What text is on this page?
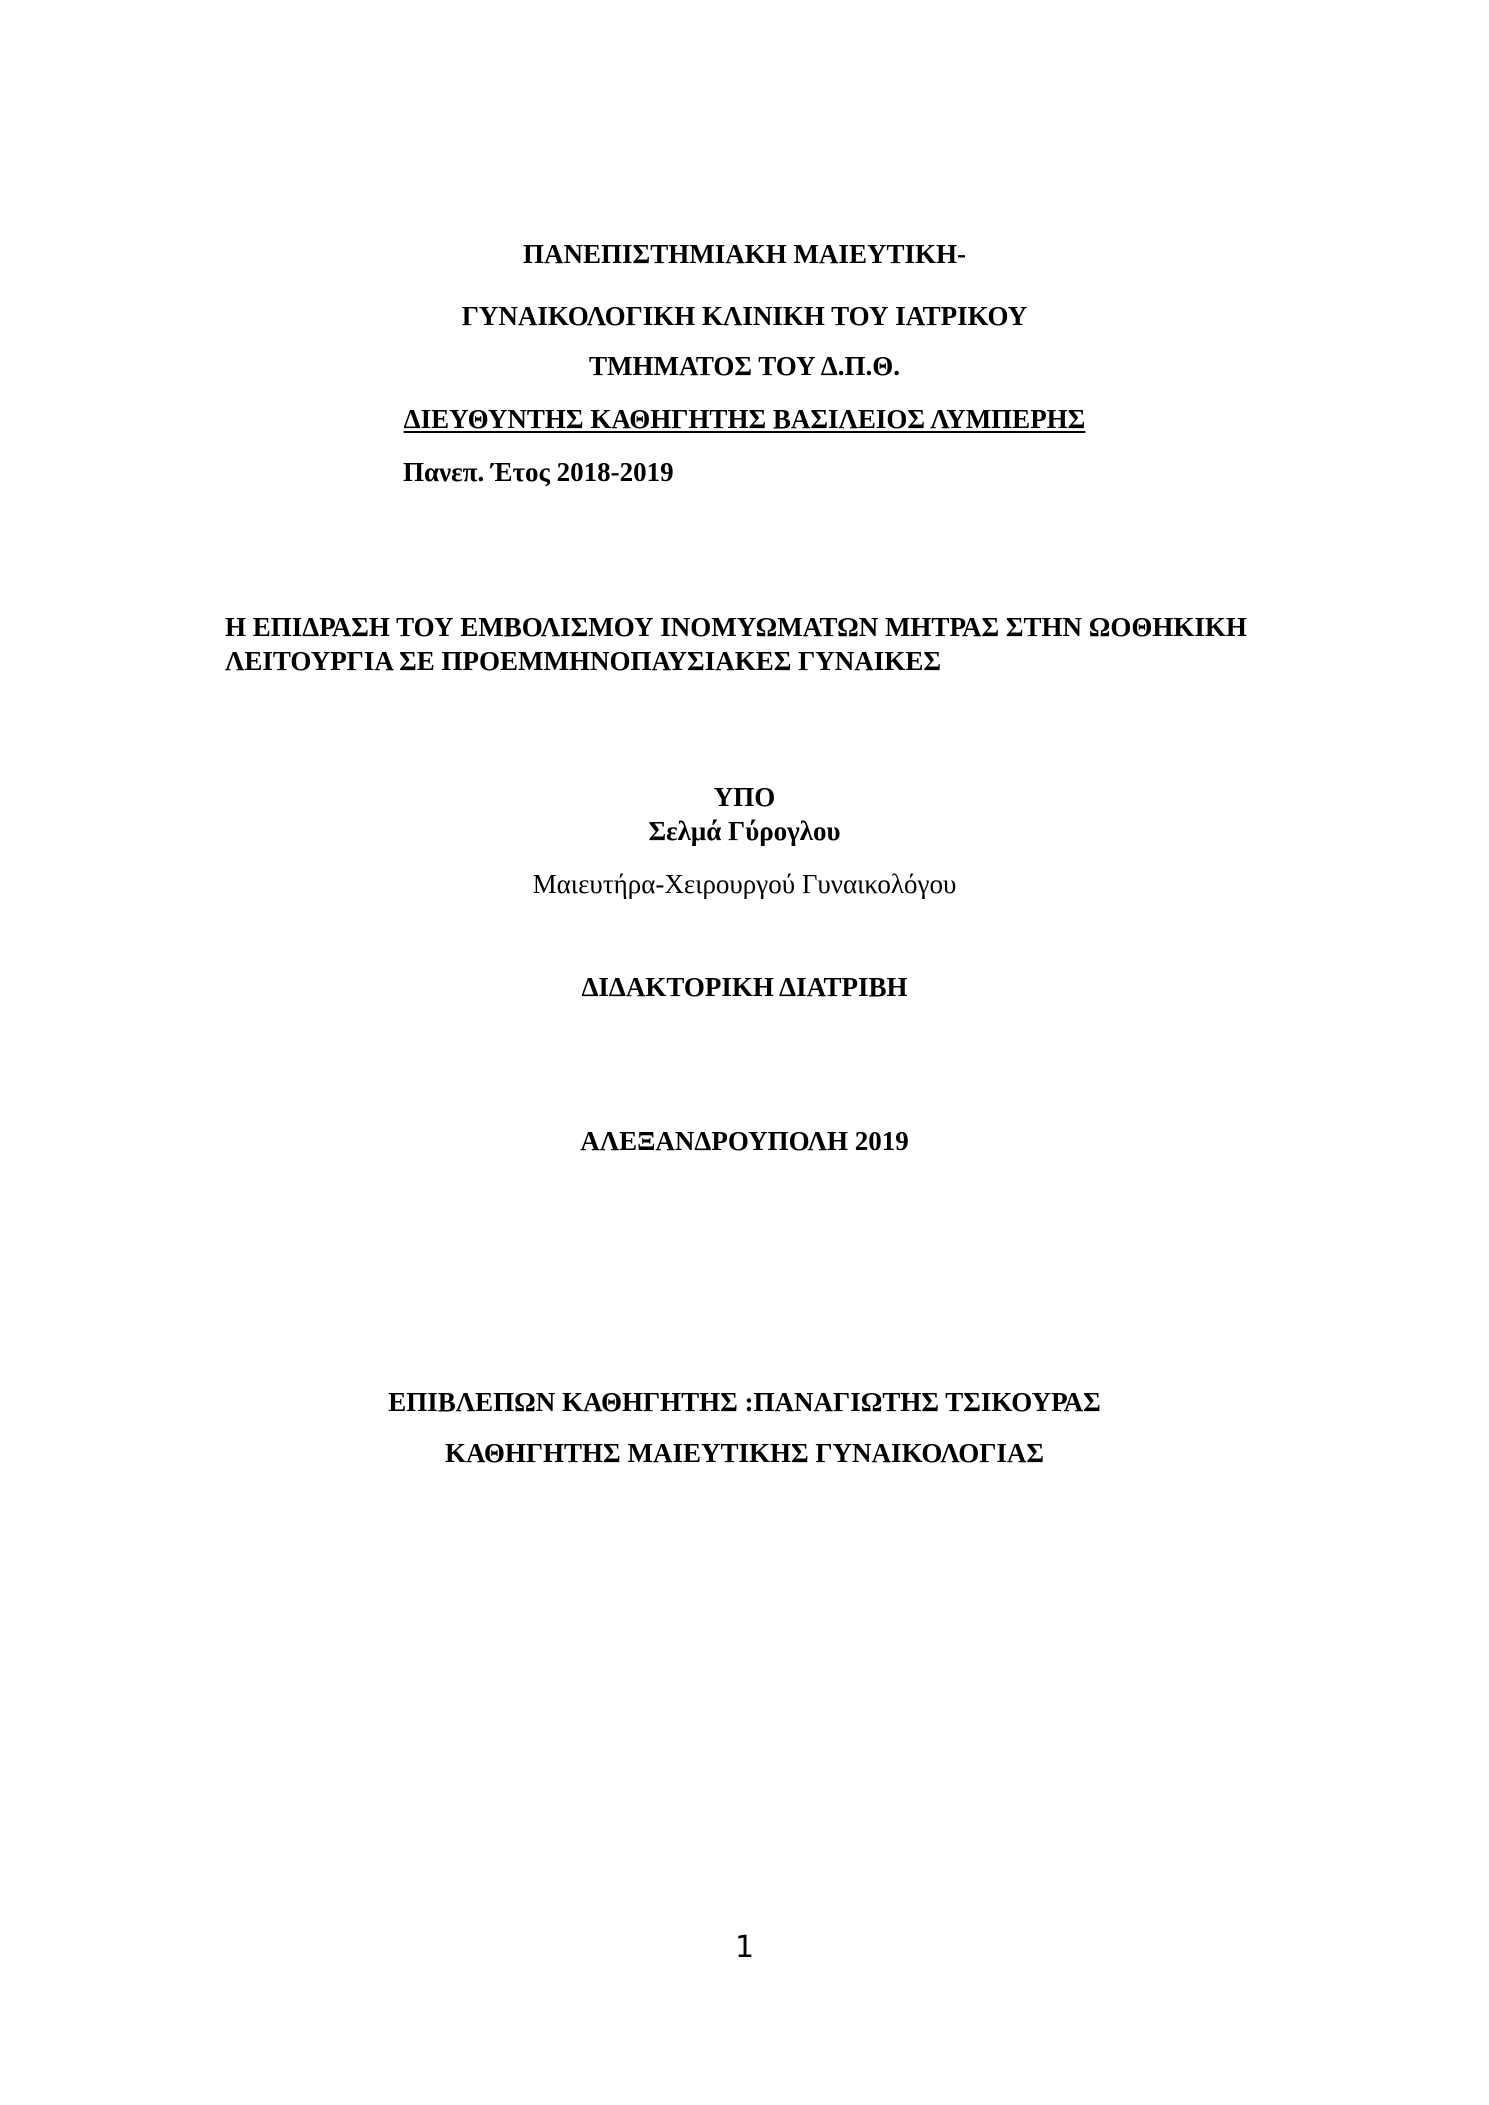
ΠΑΝΕΠΙΣΤΗΜΙΑΚΗ ΜΑΙΕΥΤΙΚΗ-
ΓΥΝΑΙΚΟΛΟΓΙΚΗ ΚΛΙΝΙΚΗ ΤΟΥ ΙΑΤΡΙΚΟΥ
ΤΜΗΜΑΤΟΣ ΤΟΥ Δ.Π.Θ.
ΔΙΕΥΘΥΝΤΗΣ ΚΑΘΗΓΗΤΗΣ ΒΑΣΙΛΕΙΟΣ ΛΥΜΠΕΡΗΣ
Πανεπ. Έτος 2018-2019
Η ΕΠΙΔΡΑΣΗ ΤΟΥ ΕΜΒΟΛΙΣΜΟΥ ΙΝΟΜΥΩΜΑΤΩΝ ΜΗΤΡΑΣ ΣΤΗΝ ΩΟΘΗΚΙΚΗ
ΛΕΙΤΟΥΡΓΙΑ ΣΕ ΠΡΟΕΜΜΗΝΟΠΑΥΣΙΑΚΕΣ ΓΥΝΑΙΚΕΣ
ΥΠΟ
Σελμά Γύρογλου
Μαιευτήρα-Χειρουργού Γυναικολόγου
ΔΙΔΑΚΤΟΡΙΚΗ ΔΙΑΤΡΙΒΗ
ΑΛΕΞΑΝΔΡΟΥΠΟΛΗ 2019
ΕΠΙΒΛΕΠΩΝ ΚΑΘΗΓΗΤΗΣ :ΠΑΝΑΓΙΩΤΗΣ ΤΣΙΚΟΥΡΑΣ
ΚΑΘΗΓΗΤΗΣ ΜΑΙΕΥΤΙΚΗΣ ΓΥΝΑΙΚΟΛΟΓΙΑΣ
1
